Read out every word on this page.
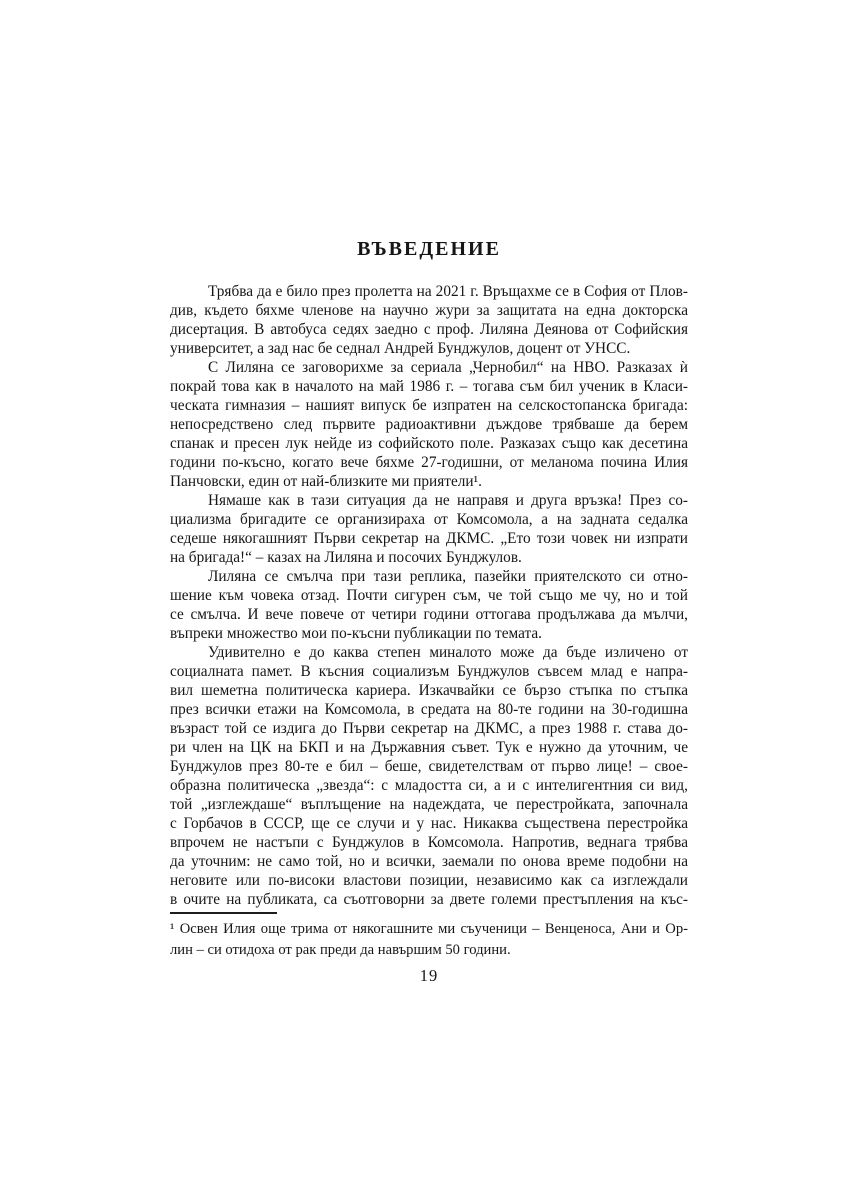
ВЪВЕДЕНИЕ
Трябва да е било през пролетта на 2021 г. Връщахме се в София от Плов-
див, където бяхме членове на научно жури за защитата на една докторска
дисертация. В автобуса седях заедно с проф. Лиляна Деянова от Софийския
университет, а зад нас бе седнал Андрей Бунджулов, доцент от УНСС.
С Лиляна се заговорихме за сериала „Чернобил“ на НВО. Разказах ѝ
покрай това как в началото на май 1986 г. – тогава съм бил ученик в Класи-
ческата гимназия – нашият випуск бе изпратен на селскостопанска бригада:
непосредствено след първите радиоактивни дъждове трябваше да берем
спанак и пресен лук нейде из софийското поле. Разказах също как десетина
години по-късно, когато вече бяхме 27-годишни, от меланома почина Илия
Панчовски, един от най-близките ми приятели¹.
Нямаше как в тази ситуация да не направя и друга връзка! През со-
циализма бригадите се организираха от Комсомола, а на задната седалка
седеше някогашният Първи секретар на ДКМС. „Ето този човек ни изпрати
на бригада!“ – казах на Лиляна и посочих Бунджулов.
Лиляна се смълча при тази реплика, пазейки приятелското си отно-
шение към човека отзад. Почти сигурен съм, че той също ме чу, но и той
се смълча. И вече повече от четири години оттогава продължава да мълчи,
въпреки множество мои по-късни публикации по темата.
Удивително е до каква степен миналото може да бъде изличено от
социалната памет. В късния социализъм Бунджулов съвсем млад е напра-
вил шеметна политическа кариера. Изкачвайки се бързо стъпка по стъпка
през всички етажи на Комсомола, в средата на 80-те години на 30-годишна
възраст той се издига до Първи секретар на ДКМС, а през 1988 г. става до-
ри член на ЦК на БКП и на Държавния съвет. Тук е нужно да уточним, че
Бунджулов през 80-те е бил – беше, свидетелствам от първо лице! – свое-
образна политическа „звезда“: с младостта си, а и с интелигентния си вид,
той „изглеждаше“ въплъщение на надеждата, че перестройката, започнала
с Горбачов в СССР, ще се случи и у нас. Никаква съществена перестройка
впрочем не настъпи с Бунджулов в Комсомола. Напротив, веднага трябва
да уточним: не само той, но и всички, заемали по онова време подобни на
неговите или по-високи властови позиции, независимо как са изглеждали
в очите на публиката, са съотговорни за двете големи престъпления на къс-
¹ Освен Илия още трима от някогашните ми съученици – Венценоса, Ани и Ор-
лин – си отидоха от рак преди да навършим 50 години.
19
